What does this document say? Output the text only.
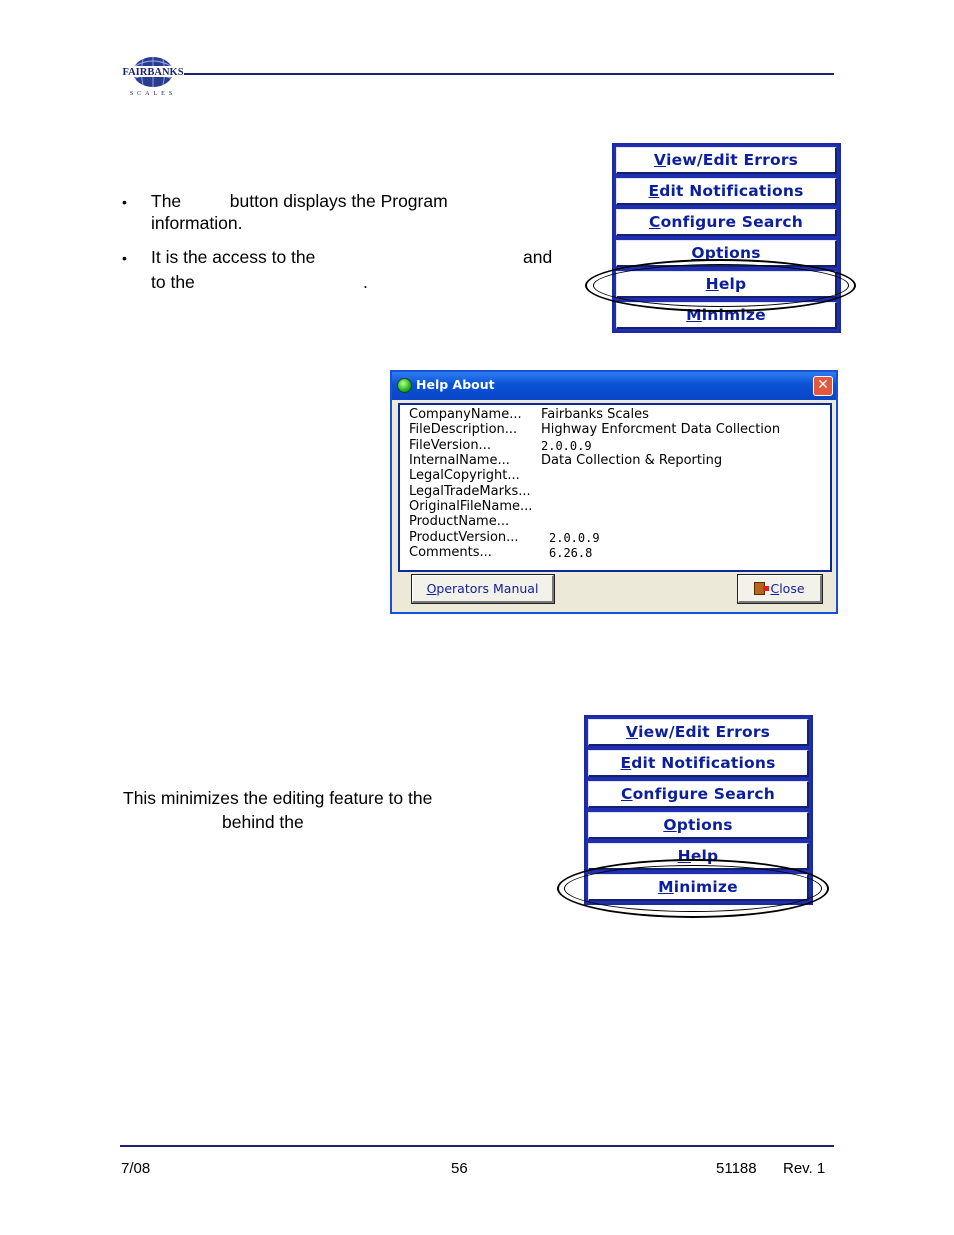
FAIRBANKS
SCALES
• The          button displays the Program
information.
• It is the access to the	and
to the	.
V iew/Edit Errors
E dit Notifications
C onfigure Search
O ptions
H elp
M inimize
Help About	✕
CompanyName... Fairbanks Scales
FileDescription... Highway Enforcment Data Collection
FileVersion...	2.0.0.9
InternalName... Data Collection & Reporting
LegalCopyright...
LegalTradeMarks...
OriginalFileName...
ProductName...
ProductVersion...	2.0.0.9
Comments...	6.26.8
O perators Manual	C lose
This minimizes the editing feature to the
behind the
V iew/Edit Errors
E dit Notifications
C onfigure Search
O ptions
H elp
M inimize
7/08	56	51188 Rev. 1
